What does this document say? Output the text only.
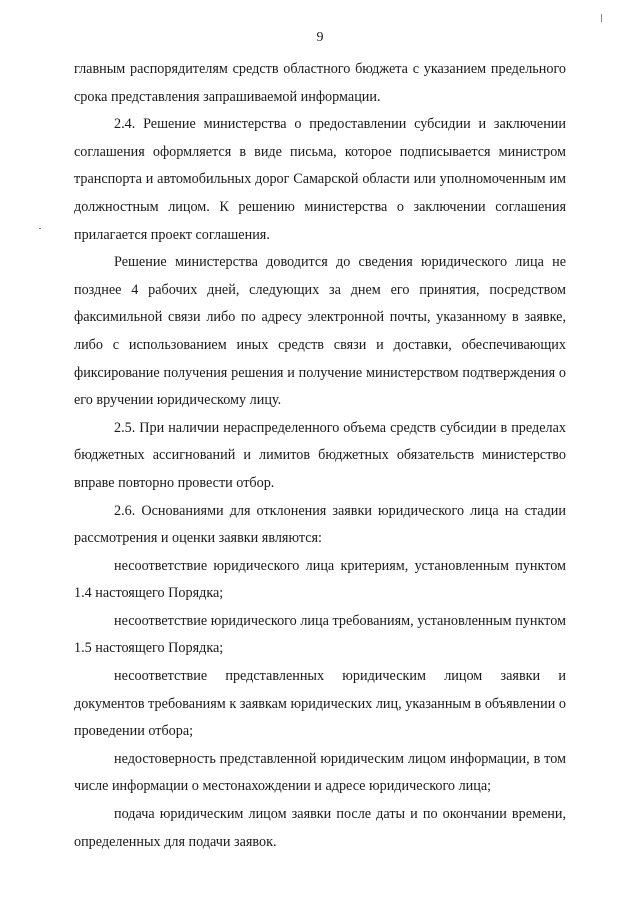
9

главным распорядителям средств областного бюджета с указанием предельного срока представления запрашиваемой информации.

2.4. Решение министерства о предоставлении субсидии и заключении соглашения оформляется в виде письма, которое подписывается министром транспорта и автомобильных дорог Самарской области или уполномоченным им должностным лицом. К решению министерства о заключении соглашения прилагается проект соглашения.

Решение министерства доводится до сведения юридического лица не позднее 4 рабочих дней, следующих за днем его принятия, посредством факсимильной связи либо по адресу электронной почты, указанному в заявке, либо с использованием иных средств связи и доставки, обеспечивающих фиксирование получения решения и получение министерством подтверждения о его вручении юридическому лицу.

2.5. При наличии нераспределенного объема средств субсидии в пределах бюджетных ассигнований и лимитов бюджетных обязательств министерство вправе повторно провести отбор.

2.6. Основаниями для отклонения заявки юридического лица на стадии рассмотрения и оценки заявки являются:

несоответствие юридического лица критериям, установленным пунктом 1.4 настоящего Порядка;

несоответствие юридического лица требованиям, установленным пунктом 1.5 настоящего Порядка;

несоответствие представленных юридическим лицом заявки и документов требованиям к заявкам юридических лиц, указанным в объявлении о проведении отбора;

недостоверность представленной юридическим лицом информации, в том числе информации о местонахождении и адресе юридического лица;

подача юридическим лицом заявки после даты и по окончании времени, определенных для подачи заявок.
